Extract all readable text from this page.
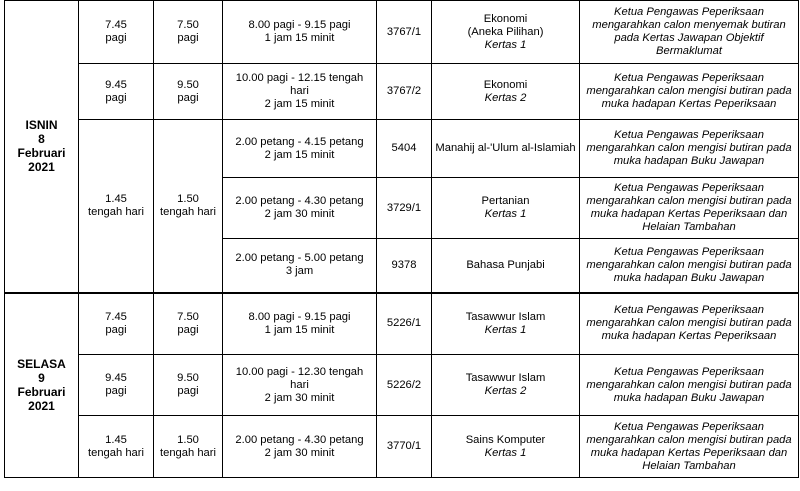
ISNIN
8
Februari
2021	7.45
pagi	7.50
pagi	8.00 pagi - 9.15 pagi
1 jam 15 minit	3767/1	Ekonomi
(Aneka Pilihan)
Kertas 1	Ketua Pengawas Peperiksaan
mengarahkan calon menyemak butiran
pada Kertas Jawapan Objektif
Bermaklumat

	9.45
pagi	9.50
pagi	10.00 pagi - 12.15 tengah hari
2 jam 15 minit	3767/2	Ekonomi
Kertas 2	Ketua Pengawas Peperiksaan
mengarahkan calon mengisi butiran pada
muka hadapan Kertas Peperiksaan

	1.45
tengah hari	1.50
tengah hari	2.00 petang - 4.15 petang
2 jam 15 minit	5404	Manahij al-'Ulum al-Islamiah	Ketua Pengawas Peperiksaan
mengarahkan calon mengisi butiran pada
muka hadapan Buku Jawapan

			2.00 petang - 4.30 petang
2 jam 30 minit	3729/1	Pertanian
Kertas 1	Ketua Pengawas Peperiksaan
mengarahkan calon mengisi butiran pada
muka hadapan Kertas Peperiksaan dan
Helaian Tambahan

			2.00 petang - 5.00 petang
3 jam	9378	Bahasa Punjabi	Ketua Pengawas Peperiksaan
mengarahkan calon mengisi butiran pada
muka hadapan Buku Jawapan

SELASA
9
Februari
2021	7.45
pagi	7.50
pagi	8.00 pagi - 9.15 pagi
1 jam 15 minit	5226/1	Tasawwur Islam
Kertas 1	Ketua Pengawas Peperiksaan
mengarahkan calon mengisi butiran pada
muka hadapan Kertas Peperiksaan

	9.45
pagi	9.50
pagi	10.00 pagi - 12.30 tengah hari
2 jam 30 minit	5226/2	Tasawwur Islam
Kertas 2	Ketua Pengawas Peperiksaan
mengarahkan calon mengisi butiran pada
muka hadapan Buku Jawapan

	1.45
tengah hari	1.50
tengah hari	2.00 petang - 4.30 petang
2 jam 30 minit	3770/1	Sains Komputer
Kertas 1	Ketua Pengawas Peperiksaan
mengarahkan calon mengisi butiran pada
muka hadapan Kertas Peperiksaan dan
Helaian Tambahan
